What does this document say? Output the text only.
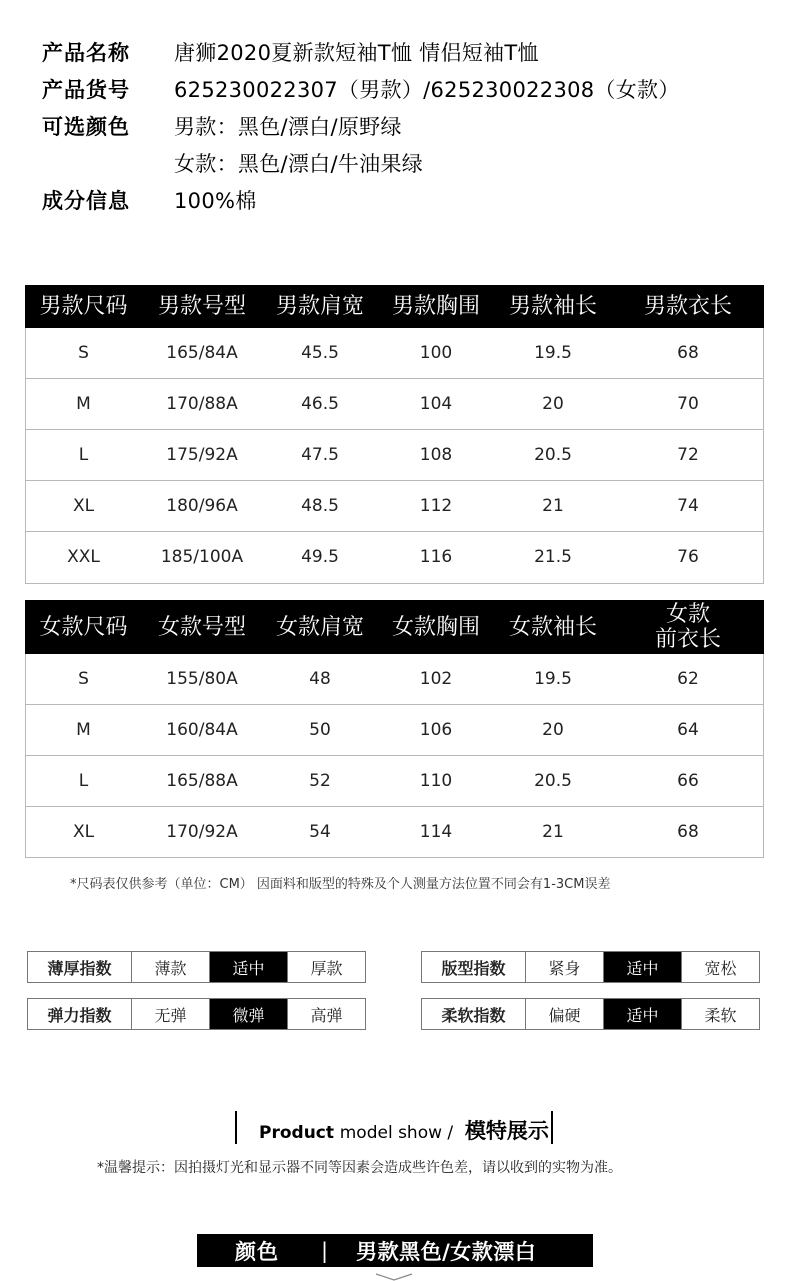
产品名称	唐狮2020夏新款短袖T恤 情侣短袖T恤
产品货号	625230022307（男款）/625230022308（女款）
可选颜色	男款：黑色/漂白/原野绿
女款：黑色/漂白/牛油果绿
成分信息	100%棉
男款尺码	男款号型	男款肩宽	男款胸围	男款袖长	男款衣长
S	165/84A	45.5	100	19.5	68
M	170/88A	46.5	104	20	70
L	175/92A	47.5	108	20.5	72
XL	180/96A	48.5	112	21	74
XXL	185/100A	49.5	116	21.5	76
女款尺码	女款号型	女款肩宽	女款胸围	女款袖长	女款
前衣长

S	155/80A	48	102	19.5	62
M	160/84A	50	106	20	64
L	165/88A	52	110	20.5	66
XL	170/92A	54	114	21	68
*尺码表仅供参考（单位：CM） 因面料和版型的特殊及个人测量方法位置不同会有1-3CM误差
薄厚指数	薄款	适中	厚款	版型指数	紧身	适中	宽松
弹力指数	无弹	微弹	高弹	柔软指数	偏硬	适中	柔软
Product model show / 模特展示
*温馨提示：因拍摄灯光和显示器不同等因素会造成些许色差，请以收到的实物为准。
颜色 | 男款黑色/女款漂白
